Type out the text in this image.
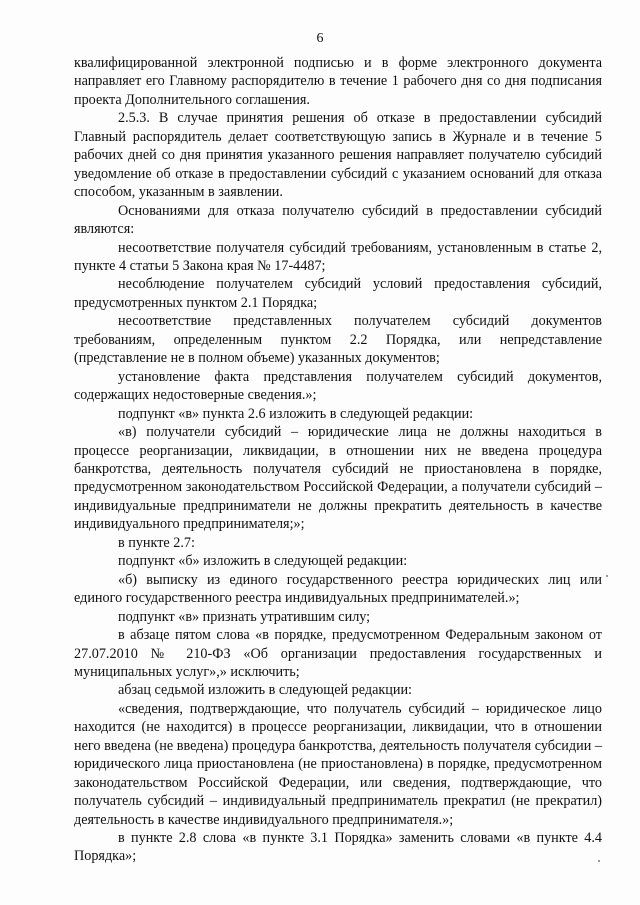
6

квалифицированной электронной подписью и в форме электронного документа направляет его Главному распорядителю в течение 1 рабочего дня со дня подписания проекта Дополнительного соглашения.

2.5.3. В случае принятия решения об отказе в предоставлении субсидий Главный распорядитель делает соответствующую запись в Журнале и в течение 5 рабочих дней со дня принятия указанного решения направляет получателю субсидий уведомление об отказе в предоставлении субсидий с указанием оснований для отказа способом, указанным в заявлении.

Основаниями для отказа получателю субсидий в предоставлении субсидий являются:

несоответствие получателя субсидий требованиям, установленным в статье 2, пункте 4 статьи 5 Закона края № 17-4487;

несоблюдение получателем субсидий условий предоставления субсидий, предусмотренных пунктом 2.1 Порядка;

несоответствие представленных получателем субсидий документов требованиям, определенным пунктом 2.2 Порядка, или непредставление (представление не в полном объеме) указанных документов;

установление факта представления получателем субсидий документов, содержащих недостоверные сведения.»;

подпункт «в» пункта 2.6 изложить в следующей редакции:

«в) получатели субсидий – юридические лица не должны находиться в процессе реорганизации, ликвидации, в отношении них не введена процедура банкротства, деятельность получателя субсидий не приостановлена в порядке, предусмотренном законодательством Российской Федерации, а получатели субсидий – индивидуальные предприниматели не должны прекратить деятельность в качестве индивидуального предпринимателя;»;

в пункте 2.7:

подпункт «б» изложить в следующей редакции:

«б) выписку из единого государственного реестра юридических лиц или единого государственного реестра индивидуальных предпринимателей.»;

подпункт «в» признать утратившим силу;

в абзаце пятом слова «в порядке, предусмотренном Федеральным законом от 27.07.2010 № 210-ФЗ «Об организации предоставления государственных и муниципальных услуг»,» исключить;

абзац седьмой изложить в следующей редакции:

«сведения, подтверждающие, что получатель субсидий – юридическое лицо находится (не находится) в процессе реорганизации, ликвидации, что в отношении него введена (не введена) процедура банкротства, деятельность получателя субсидии – юридического лица приостановлена (не приостановлена) в порядке, предусмотренном законодательством Российской Федерации, или сведения, подтверждающие, что получатель субсидий – индивидуальный предприниматель прекратил (не прекратил) деятельность в качестве индивидуального предпринимателя.»;

в пункте 2.8 слова «в пункте 3.1 Порядка» заменить словами «в пункте 4.4 Порядка»;
